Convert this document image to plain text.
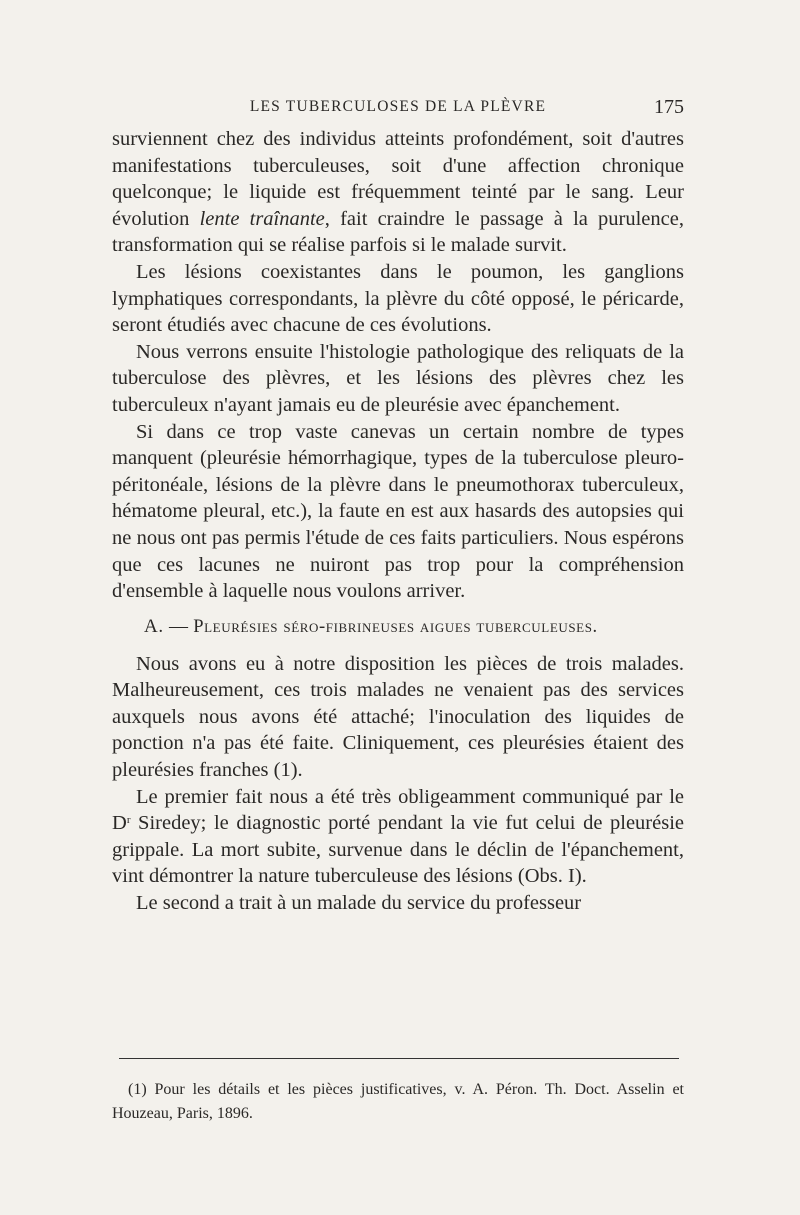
LES TUBERCULOSES DE LA PLÈVRE	175

surviennent chez des individus atteints profondément, soit d'autres manifestations tuberculeuses, soit d'une affection chronique quelconque; le liquide est fréquemment teinté par le sang. Leur évolution lente traînante, fait craindre le passage à la purulence, transformation qui se réalise parfois si le malade survit.

Les lésions coexistantes dans le poumon, les ganglions lymphatiques correspondants, la plèvre du côté opposé, le péricarde, seront étudiés avec chacune de ces évolutions.

Nous verrons ensuite l'histologie pathologique des reliquats de la tuberculose des plèvres, et les lésions des plèvres chez les tuberculeux n'ayant jamais eu de pleurésie avec épanchement.

Si dans ce trop vaste canevas un certain nombre de types manquent (pleurésie hémorrhagique, types de la tuberculose pleuro-péritonéale, lésions de la plèvre dans le pneumothorax tuberculeux, hématome pleural, etc.), la faute en est aux hasards des autopsies qui ne nous ont pas permis l'étude de ces faits particuliers. Nous espérons que ces lacunes ne nuiront pas trop pour la compréhension d'ensemble à laquelle nous voulons arriver.

A. — Pleurésies séro-fibrineuses aigues tuberculeuses.

Nous avons eu à notre disposition les pièces de trois malades. Malheureusement, ces trois malades ne venaient pas des services auxquels nous avons été attaché; l'inoculation des liquides de ponction n'a pas été faite. Cliniquement, ces pleurésies étaient des pleurésies franches (1).

Le premier fait nous a été très obligeamment communiqué par le $D^r$ Siredey; le diagnostic porté pendant la vie fut celui de pleurésie grippale. La mort subite, survenue dans le déclin de l'épanchement, vint démontrer la nature tuberculeuse des lésions (Obs. I).

Le second a trait à un malade du service du professeur

(1) Pour les détails et les pièces justificatives, v. A. Péron. Th. Doct. Asselin et Houzeau, Paris, 1896.
